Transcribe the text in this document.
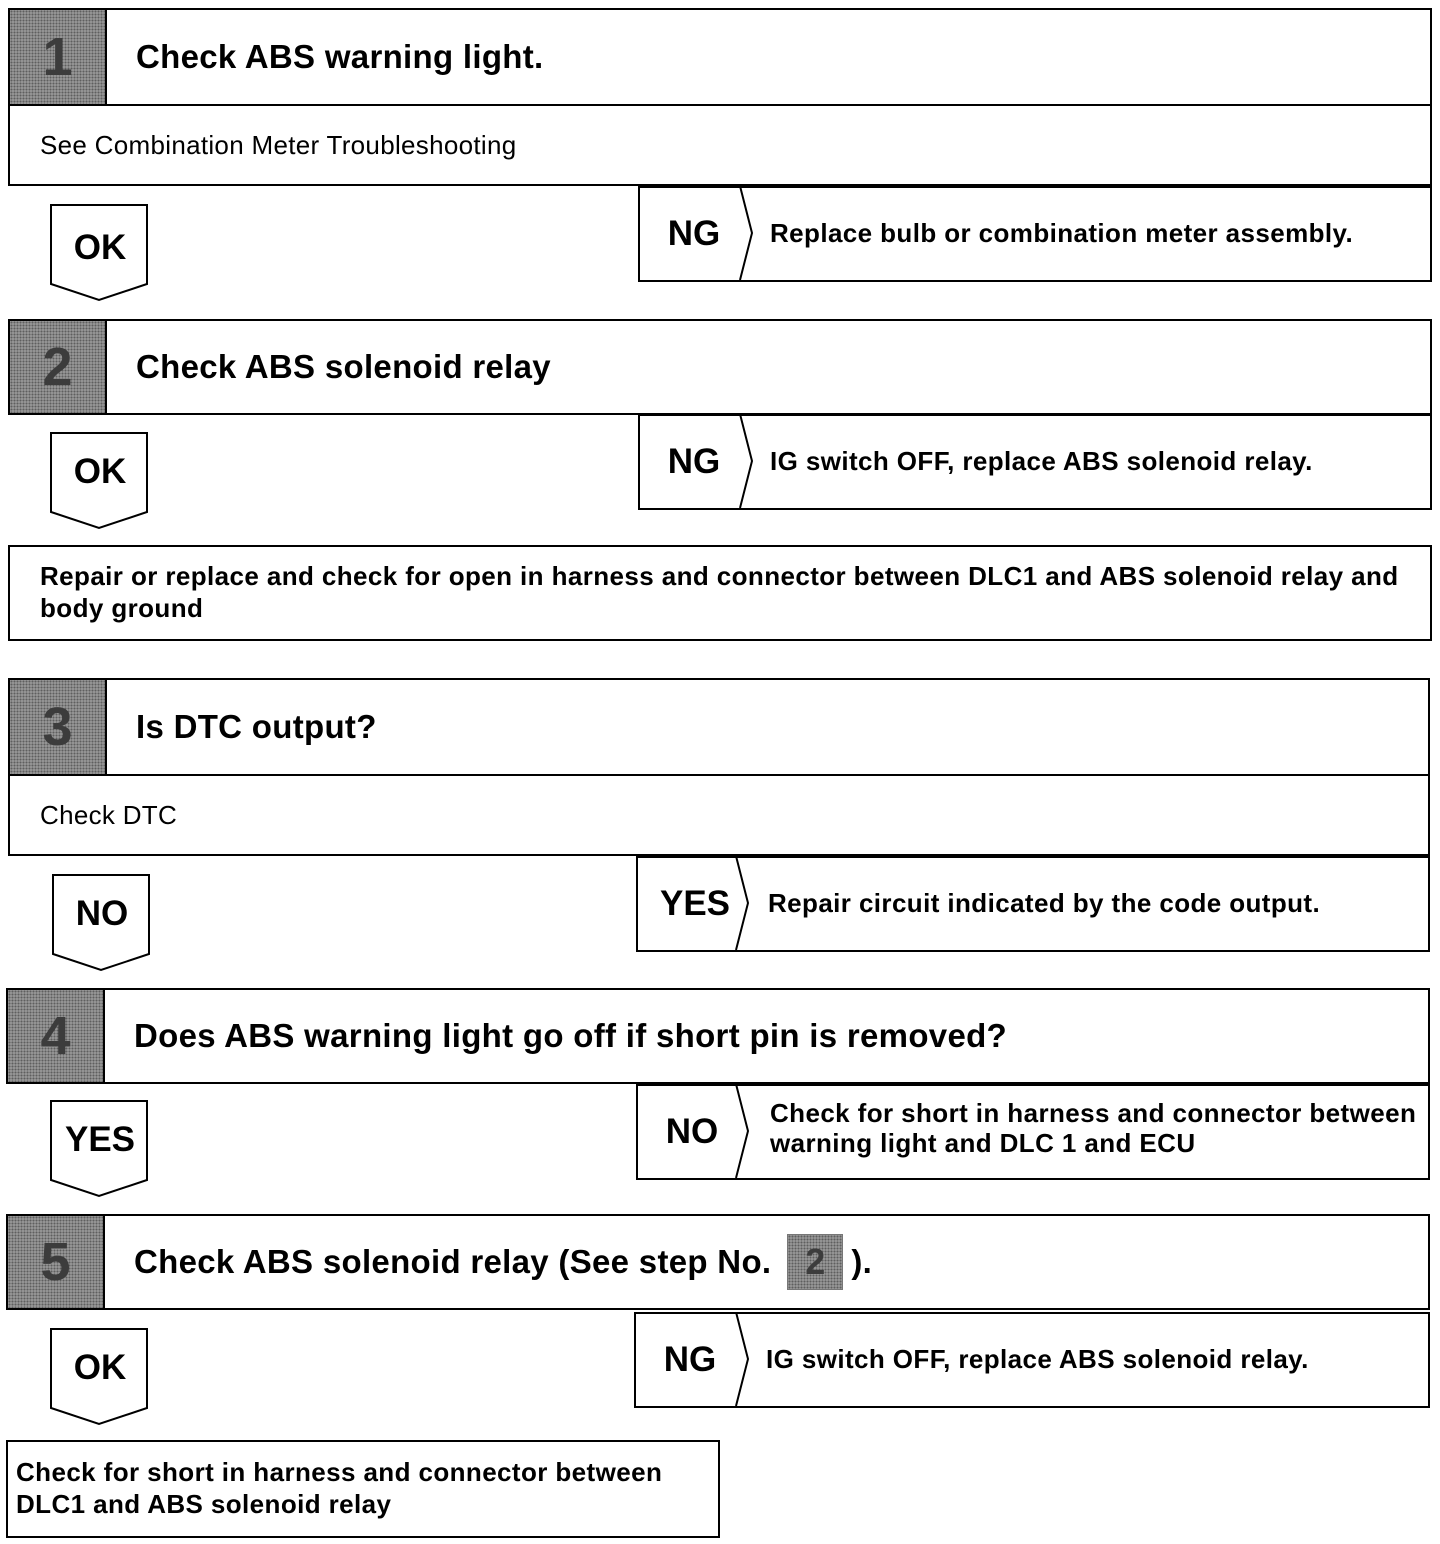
1	Check ABS warning light.
See Combination Meter Troubleshooting
OK	NG	Replace bulb or combination meter assembly.
2	Check ABS solenoid relay
OK	NG	IG switch OFF, replace ABS solenoid relay.
Repair or replace and check for open in harness and connector between DLC1 and ABS solenoid relay and body ground
3	Is DTC output?
Check DTC
NO	YES	Repair circuit indicated by the code output.
4	Does ABS warning light go off if short pin is removed?
YES	NO	Check for short in harness and connector between warning light and DLC 1 and ECU
5	Check ABS solenoid relay (See step No. 2 ).
OK	NG	IG switch OFF, replace ABS solenoid relay.
Check for short in harness and connector between DLC1 and ABS solenoid relay
